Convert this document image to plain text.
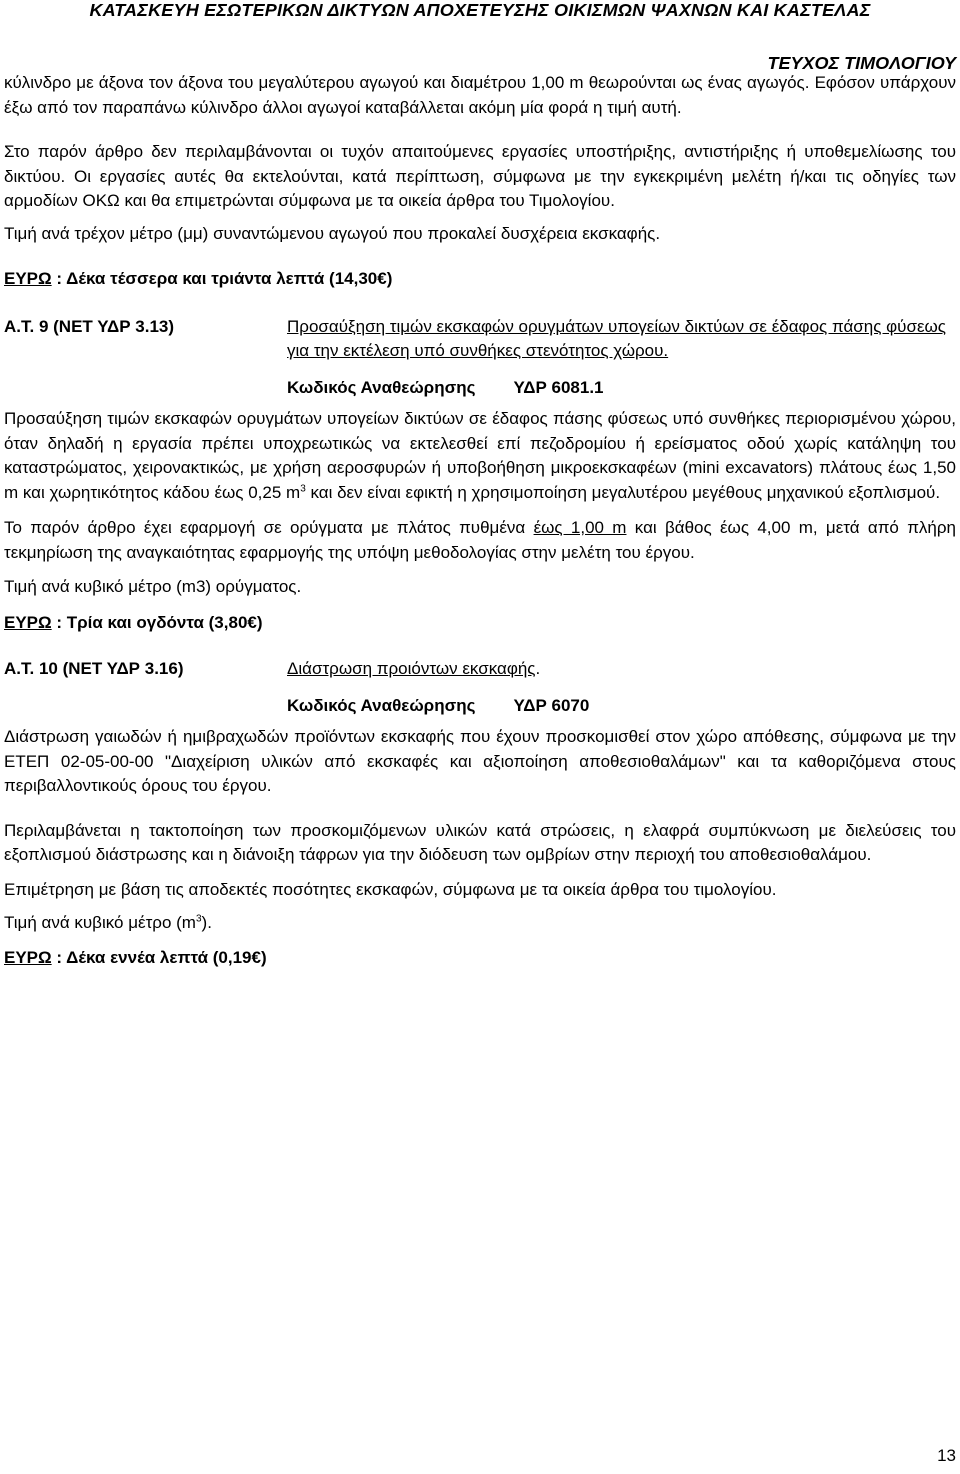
ΚΑΤΑΣΚΕΥΗ ΕΣΩΤΕΡΙΚΩΝ ΔΙΚΤΥΩΝ ΑΠΟΧΕΤΕΥΣΗΣ ΟΙΚΙΣΜΩΝ ΨΑΧΝΩΝ ΚΑΙ ΚΑΣΤΕΛΑΣ
ΤΕΥΧΟΣ ΤΙΜΟΛΟΓΙΟΥ

κύλινδρο με άξονα τον άξονα του μεγαλύτερου αγωγού και διαμέτρου 1,00 m θεωρούνται ως ένας αγωγός. Εφόσον υπάρχουν έξω από τον παραπάνω κύλινδρο άλλοι αγωγοί καταβάλλεται ακόμη μία φορά η τιμή αυτή.

Στο παρόν άρθρο δεν περιλαμβάνονται οι τυχόν απαιτούμενες εργασίες υποστήριξης, αντιστήριξης ή υποθεμελίωσης του δικτύου. Οι εργασίες αυτές θα εκτελούνται, κατά περίπτωση, σύμφωνα με την εγκεκριμένη μελέτη ή/και τις οδηγίες των αρμοδίων ΟΚΩ και θα επιμετρώνται σύμφωνα με τα οικεία άρθρα του Τιμολογίου.

Τιμή ανά τρέχον μέτρο (μμ) συναντώμενου αγωγού που προκαλεί δυσχέρεια εκσκαφής.

ΕΥΡΩ : Δέκα τέσσερα και τριάντα λεπτά (14,30€)

Α.Τ. 9 (ΝΕΤ ΥΔΡ 3.13)	Προσαύξηση τιμών εκσκαφών ορυγμάτων υπογείων δικτύων σε έδαφος πάσης φύσεως για την εκτέλεση υπό συνθήκες στενότητος χώρου.

Κωδικός Αναθεώρησης ΥΔΡ 6081.1

Προσαύξηση τιμών εκσκαφών ορυγμάτων υπογείων δικτύων σε έδαφος πάσης φύσεως υπό συνθήκες περιορισμένου χώρου, όταν δηλαδή η εργασία πρέπει υποχρεωτικώς να εκτελεσθεί επί πεζοδρομίου ή ερείσματος οδού χωρίς κατάληψη του καταστρώματος, χειρονακτικώς, με χρήση αεροσφυρών ή υποβοήθηση μικροεκσκαφέων (mini excavators) πλάτους έως 1,50 m και χωρητικότητος κάδου έως 0,25 $m^3$ και δεν είναι εφικτή η χρησιμοποίηση μεγαλυτέρου μεγέθους μηχανικού εξοπλισμού.

Το παρόν άρθρο έχει εφαρμογή σε ορύγματα με πλάτος πυθμένα έως 1,00 m και βάθος έως 4,00 m, μετά από πλήρη τεκμηρίωση της αναγκαιότητας εφαρμογής της υπόψη μεθοδολογίας στην μελέτη του έργου.

Τιμή ανά κυβικό μέτρο (m3) ορύγματος.

ΕΥΡΩ : Τρία και ογδόντα (3,80€)

Α.Τ. 10 (ΝΕΤ ΥΔΡ 3.16)	Διάστρωση προιόντων εκσκαφής.

Κωδικός Αναθεώρησης ΥΔΡ 6070

Διάστρωση γαιωδών ή ημιβραχωδών προϊόντων εκσκαφής που έχουν προσκομισθεί στον χώρο απόθεσης, σύμφωνα με την ΕΤΕΠ 02-05-00-00 "Διαχείριση υλικών από εκσκαφές και αξιοποίηση αποθεσιοθαλάμων" και τα καθοριζόμενα στους περιβαλλοντικούς όρους του έργου.

Περιλαμβάνεται η τακτοποίηση των προσκομιζόμενων υλικών κατά στρώσεις, η ελαφρά συμπύκνωση με διελεύσεις του εξοπλισμού διάστρωσης και η διάνοιξη τάφρων για την διόδευση των ομβρίων στην περιοχή του αποθεσιοθαλάμου.

Επιμέτρηση με βάση τις αποδεκτές ποσότητες εκσκαφών, σύμφωνα με τα οικεία άρθρα του τιμολογίου.

Τιμή ανά κυβικό μέτρο $(m^3)$.

ΕΥΡΩ : Δέκα εννέα λεπτά (0,19€)

13
